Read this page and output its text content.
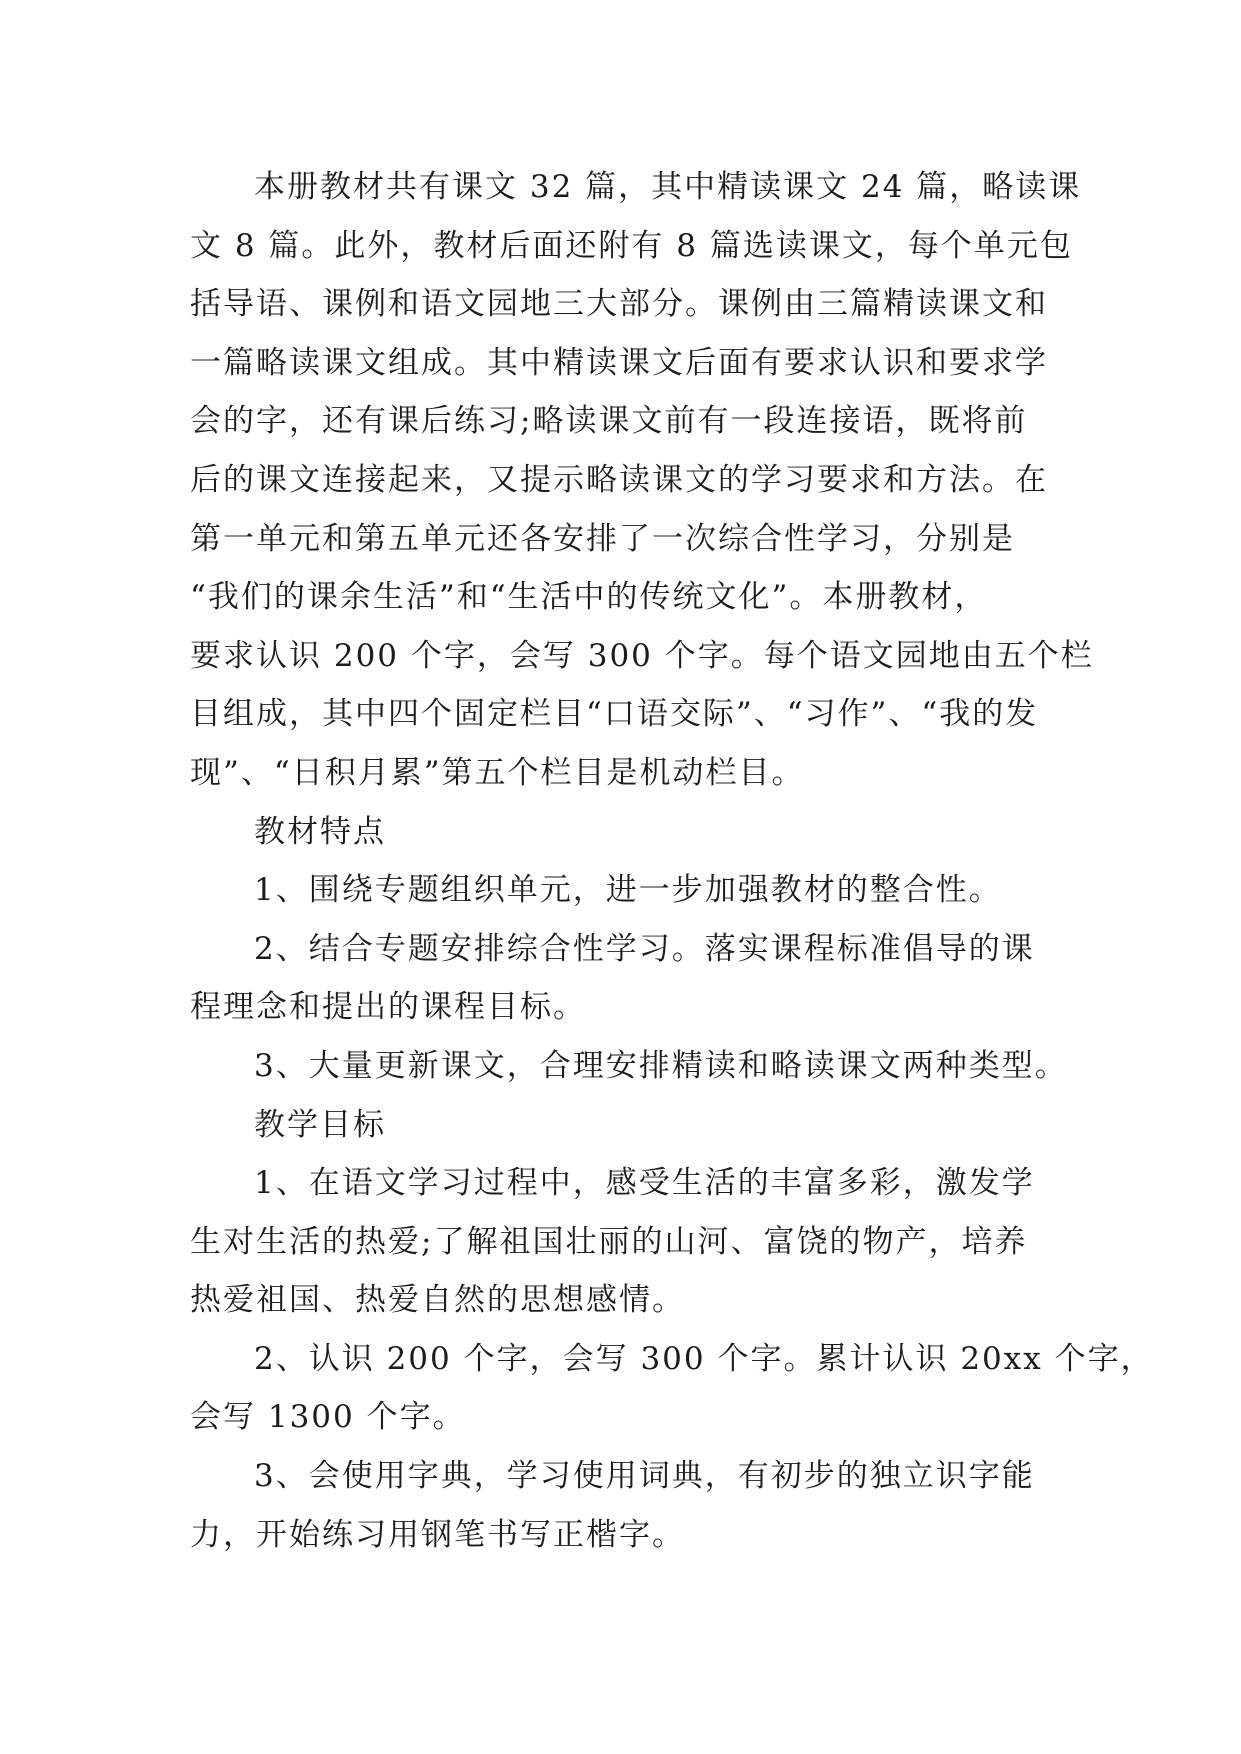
本册教材共有课文 32 篇，其中精读课文 24 篇，略读课
文 8 篇。此外，教材后面还附有 8 篇选读课文，每个单元包
括导语、课例和语文园地三大部分。课例由三篇精读课文和
一篇略读课文组成。其中精读课文后面有要求认识和要求学
会的字，还有课后练习;略读课文前有一段连接语，既将前
后的课文连接起来，又提示略读课文的学习要求和方法。在
第一单元和第五单元还各安排了一次综合性学习，分别是
“我们的课余生活”和“生活中的传统文化”。本册教材，
要求认识 200 个字，会写 300 个字。每个语文园地由五个栏
目组成，其中四个固定栏目“口语交际”、“习作”、“我的发
现”、“日积月累”第五个栏目是机动栏目。
教材特点
1、围绕专题组织单元，进一步加强教材的整合性。
2、结合专题安排综合性学习。落实课程标准倡导的课
程理念和提出的课程目标。
3、大量更新课文，合理安排精读和略读课文两种类型。
教学目标
1、在语文学习过程中，感受生活的丰富多彩，激发学
生对生活的热爱;了解祖国壮丽的山河、富饶的物产，培养
热爱祖国、热爱自然的思想感情。
2、认识 200 个字，会写 300 个字。累计认识 20xx 个字，
会写 1300 个字。
3、会使用字典，学习使用词典，有初步的独立识字能
力，开始练习用钢笔书写正楷字。
